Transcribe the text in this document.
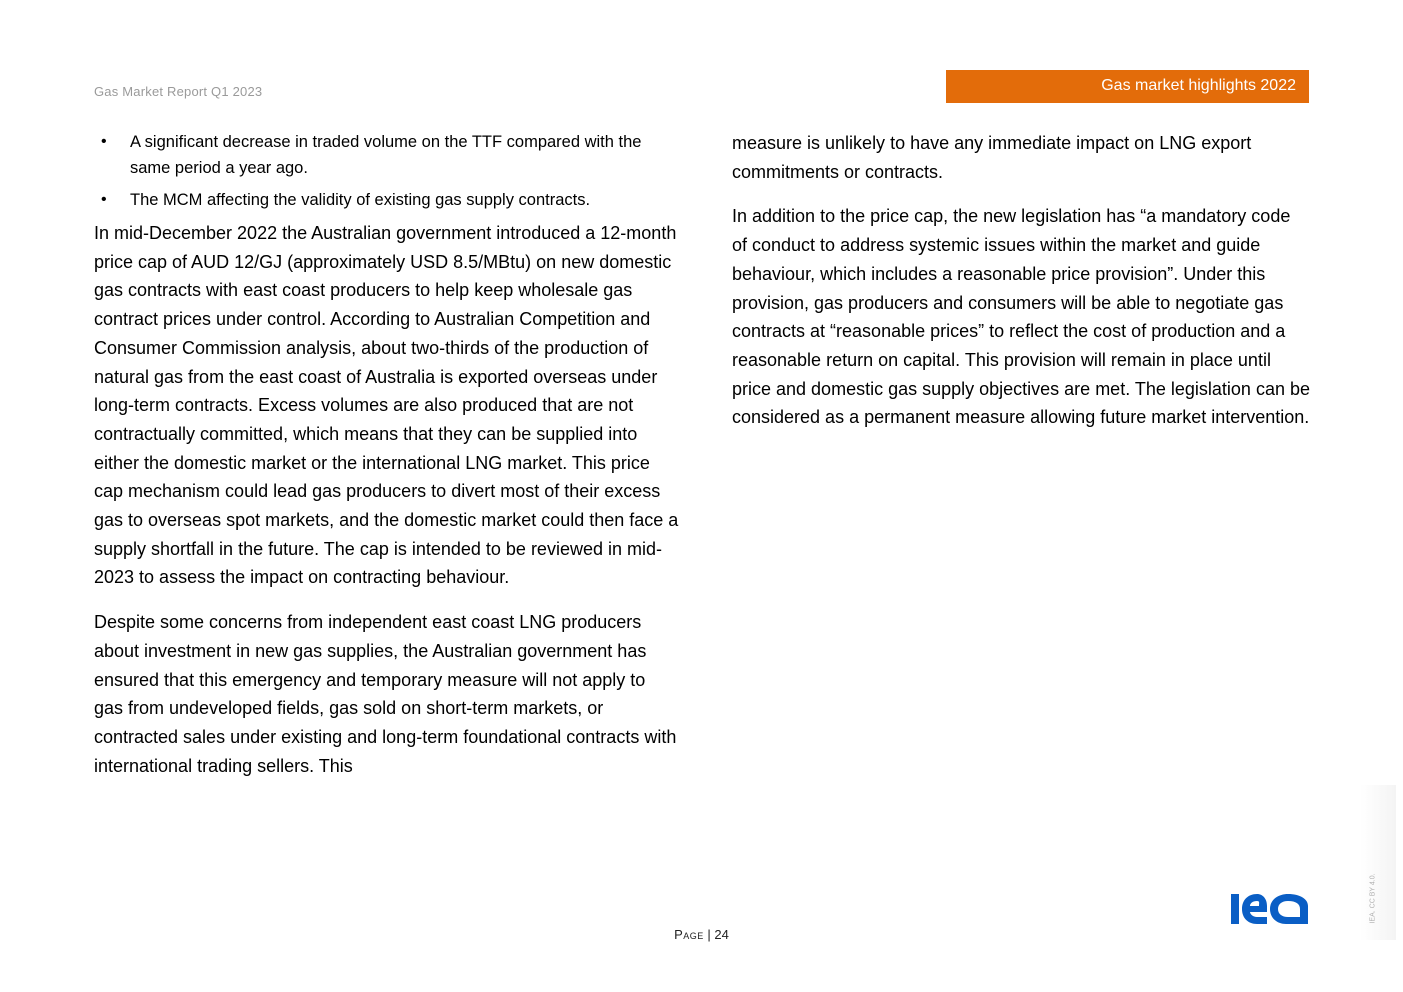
Gas Market Report Q1 2023	Gas market highlights 2022
• A significant decrease in traded volume on the TTF compared with the same period a year ago.
• The MCM affecting the validity of existing gas supply contracts.

In mid-December 2022 the Australian government introduced a 12-month price cap of AUD 12/GJ (approximately USD 8.5/MBtu) on new domestic gas contracts with east coast producers to help keep wholesale gas contract prices under control. According to Australian Competition and Consumer Commission analysis, about two-thirds of the production of natural gas from the east coast of Australia is exported overseas under long-term contracts. Excess volumes are also produced that are not contractually committed, which means that they can be supplied into either the domestic market or the international LNG market. This price cap mechanism could lead gas producers to divert most of their excess gas to overseas spot markets, and the domestic market could then face a supply shortfall in the future. The cap is intended to be reviewed in mid-2023 to assess the impact on contracting behaviour.

Despite some concerns from independent east coast LNG producers about investment in new gas supplies, the Australian government has ensured that this emergency and temporary measure will not apply to gas from undeveloped fields, gas sold on short-term markets, or contracted sales under existing and long-term foundational contracts with international trading sellers. This

measure is unlikely to have any immediate impact on LNG export commitments or contracts.

In addition to the price cap, the new legislation has “a mandatory code of conduct to address systemic issues within the market and guide behaviour, which includes a reasonable price provision”. Under this provision, gas producers and consumers will be able to negotiate gas contracts at “reasonable prices” to reflect the cost of production and a reasonable return on capital. This provision will remain in place until price and domestic gas supply objectives are met. The legislation can be considered as a permanent measure allowing future market intervention.

Page | 24
IEA. CC BY 4.0.
